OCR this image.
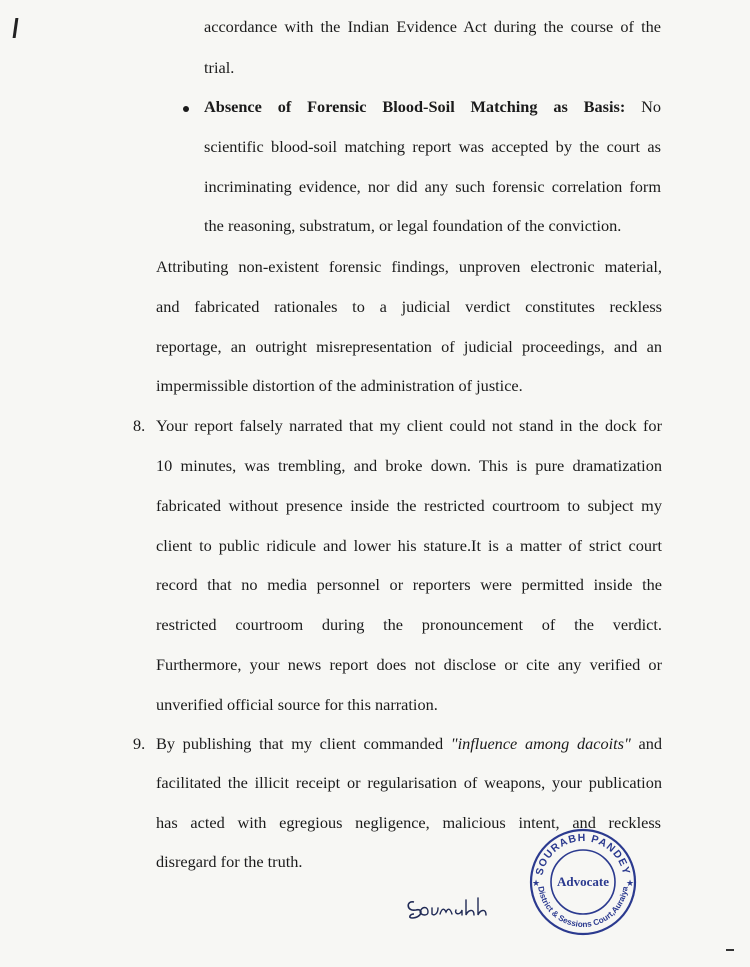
accordance with the Indian Evidence Act during the course of the
trial.
Absence of Forensic Blood-Soil Matching as Basis: No
scientific blood-soil matching report was accepted by the court as
incriminating evidence, nor did any such forensic correlation form
the reasoning, substratum, or legal foundation of the conviction.
Attributing non-existent forensic findings, unproven electronic material,
and fabricated rationales to a judicial verdict constitutes reckless
reportage, an outright misrepresentation of judicial proceedings, and an
impermissible distortion of the administration of justice.
8. Your report falsely narrated that my client could not stand in the dock for
10 minutes, was trembling, and broke down. This is pure dramatization
fabricated without presence inside the restricted courtroom to subject my
client to public ridicule and lower his stature.It is a matter of strict court
record that no media personnel or reporters were permitted inside the
restricted courtroom during the pronouncement of the verdict.
Furthermore, your news report does not disclose or cite any verified or
unverified official source for this narration.
9. By publishing that my client commanded "influence among dacoits" and
facilitated the illicit receipt or regularisation of weapons, your publication
has acted with egregious negligence, malicious intent, and reckless
disregard for the truth.	SOURABH PANDEY
District & Sessions Court,Auraiya
Advocate
★	★
